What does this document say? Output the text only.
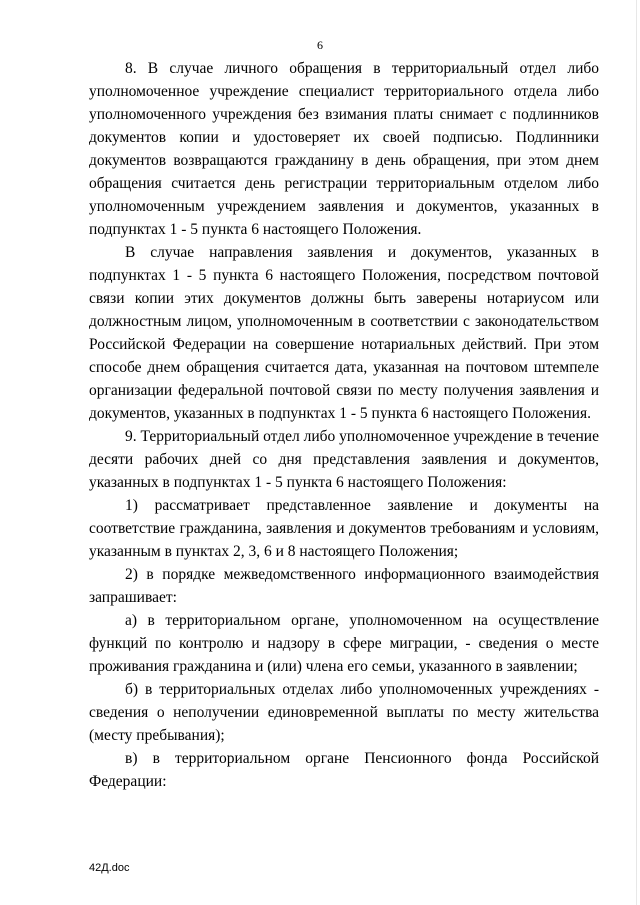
6

8. В случае личного обращения в территориальный отдел либо уполномоченное учреждение специалист территориального отдела либо уполномоченного учреждения без взимания платы снимает с подлинников документов копии и удостоверяет их своей подписью. Подлинники документов возвращаются гражданину в день обращения, при этом днем обращения считается день регистрации территориальным отделом либо уполномоченным учреждением заявления и документов, указанных в подпунктах 1 - 5 пункта 6 настоящего Положения.

В случае направления заявления и документов, указанных в подпунктах 1 - 5 пункта 6 настоящего Положения, посредством почтовой связи копии этих документов должны быть заверены нотариусом или должностным лицом, уполномоченным в соответствии с законодательством Российской Федерации на совершение нотариальных действий. При этом способе днем обращения считается дата, указанная на почтовом штемпеле организации федеральной почтовой связи по месту получения заявления и документов, указанных в подпунктах 1 - 5 пункта 6 настоящего Положения.

9. Территориальный отдел либо уполномоченное учреждение в течение десяти рабочих дней со дня представления заявления и документов, указанных в подпунктах 1 - 5 пункта 6 настоящего Положения:

1) рассматривает представленное заявление и документы на соответствие гражданина, заявления и документов требованиям и условиям, указанным в пунктах 2, 3, 6 и 8 настоящего Положения;

2) в порядке межведомственного информационного взаимодействия запрашивает:

а) в территориальном органе, уполномоченном на осуществление функций по контролю и надзору в сфере миграции, - сведения о месте проживания гражданина и (или) члена его семьи, указанного в заявлении;

б) в территориальных отделах либо уполномоченных учреждениях - сведения о неполучении единовременной выплаты по месту жительства (месту пребывания);

в) в территориальном органе Пенсионного фонда Российской Федерации:

42Д.doc
